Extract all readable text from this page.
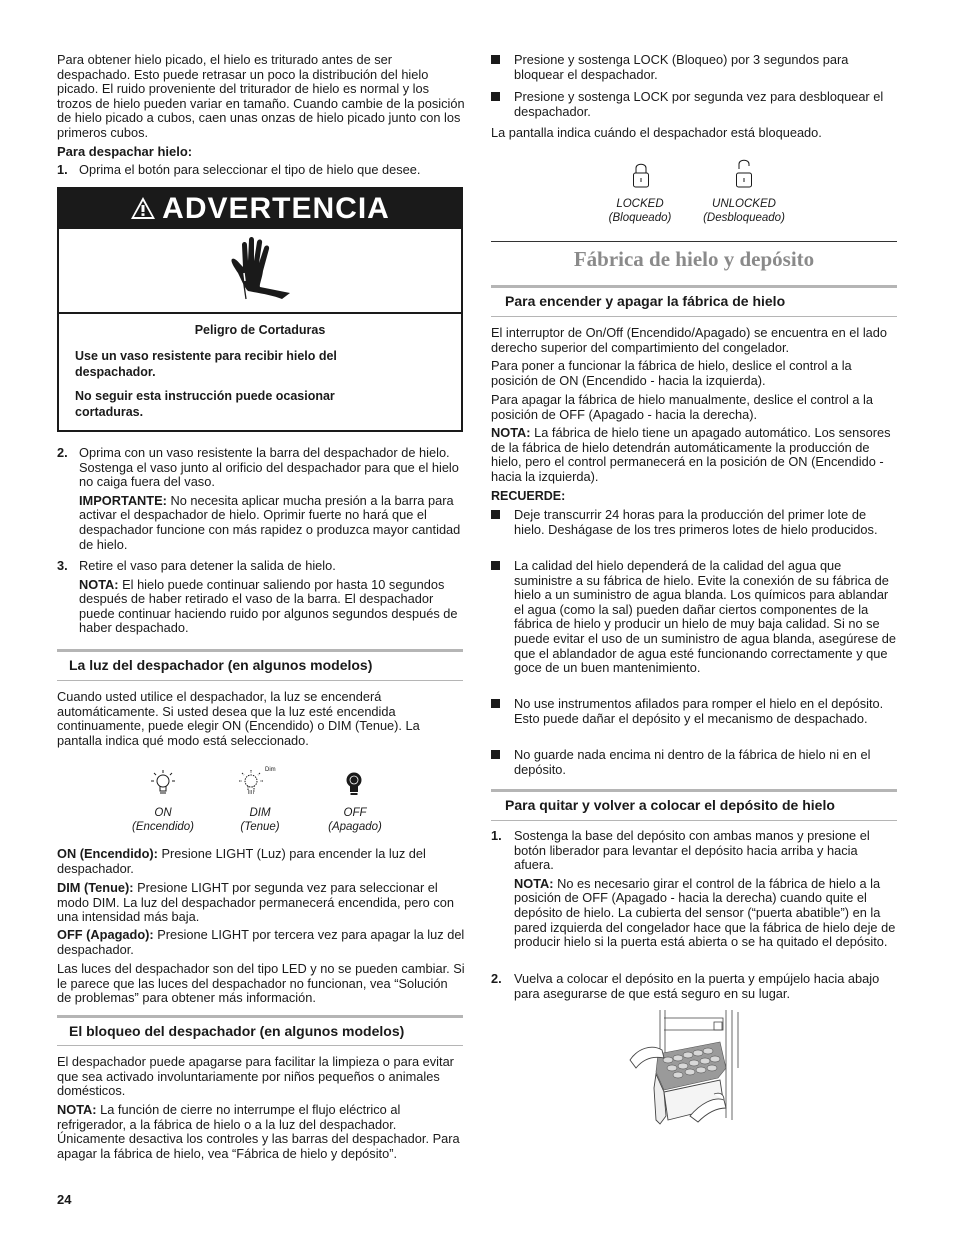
Para obtener hielo picado, el hielo es triturado antes de ser despachado. Esto puede retrasar un poco la distribución del hielo picado. El ruido proveniente del triturador de hielo es normal y los trozos de hielo pueden variar en tamaño. Cuando cambie de la posición de hielo picado a cubos, caen unas onzas de hielo picado junto con los primeros cubos.

Para despachar hielo:

1. Oprima el botón para seleccionar el tipo de hielo que desee.

ADVERTENCIA

Peligro de Cortaduras

Use un vaso resistente para recibir hielo del despachador.

No seguir esta instrucción puede ocasionar cortaduras.

2. Oprima con un vaso resistente la barra del despachador de hielo. Sostenga el vaso junto al orificio del despachador para que el hielo no caiga fuera del vaso.

IMPORTANTE: No necesita aplicar mucha presión a la barra para activar el despachador de hielo. Oprimir fuerte no hará que el despachador funcione con más rapidez o produzca mayor cantidad de hielo.

3. Retire el vaso para detener la salida de hielo.

NOTA: El hielo puede continuar saliendo por hasta 10 segundos después de haber retirado el vaso de la barra. El despachador puede continuar haciendo ruido por algunos segundos después de haber despachado.

La luz del despachador (en algunos modelos)

Cuando usted utilice el despachador, la luz se encenderá automáticamente. Si usted desea que la luz esté encendida continuamente, puede elegir ON (Encendido) o DIM (Tenue). La pantalla indica qué modo está seleccionado.

Dim
ON
(Encendido)
DIM
(Tenue)
OFF
(Apagado)

ON (Encendido): Presione LIGHT (Luz) para encender la luz del despachador.

DIM (Tenue): Presione LIGHT por segunda vez para seleccionar el modo DIM. La luz del despachador permanecerá encendida, pero con una intensidad más baja.

OFF (Apagado): Presione LIGHT por tercera vez para apagar la luz del despachador.

Las luces del despachador son del tipo LED y no se pueden cambiar. Si le parece que las luces del despachador no funcionan, vea “Solución de problemas” para obtener más información.

El bloqueo del despachador (en algunos modelos)

El despachador puede apagarse para facilitar la limpieza o para evitar que sea activado involuntariamente por niños pequeños o animales domésticos.

NOTA: La función de cierre no interrumpe el flujo eléctrico al refrigerador, a la fábrica de hielo o a la luz del despachador. Únicamente desactiva los controles y las barras del despachador. Para apagar la fábrica de hielo, vea “Fábrica de hielo y depósito”.

24

Presione y sostenga LOCK (Bloqueo) por 3 segundos para bloquear el despachador.

Presione y sostenga LOCK por segunda vez para desbloquear el despachador.

La pantalla indica cuándo el despachador está bloqueado.

LOCKED
(Bloqueado)
UNLOCKED
(Desbloqueado)

Fábrica de hielo y depósito

Para encender y apagar la fábrica de hielo

El interruptor de On/Off (Encendido/Apagado) se encuentra en el lado derecho superior del compartimiento del congelador.

Para poner a funcionar la fábrica de hielo, deslice el control a la posición de ON (Encendido - hacia la izquierda).

Para apagar la fábrica de hielo manualmente, deslice el control a la posición de OFF (Apagado - hacia la derecha).

NOTA: La fábrica de hielo tiene un apagado automático. Los sensores de la fábrica de hielo detendrán automáticamente la producción de hielo, pero el control permanecerá en la posición de ON (Encendido - hacia la izquierda).

RECUERDE:

Deje transcurrir 24 horas para la producción del primer lote de hielo. Deshágase de los tres primeros lotes de hielo producidos.

La calidad del hielo dependerá de la calidad del agua que suministre a su fábrica de hielo. Evite la conexión de su fábrica de hielo a un suministro de agua blanda. Los químicos para ablandar el agua (como la sal) pueden dañar ciertos componentes de la fábrica de hielo y producir un hielo de muy baja calidad. Si no se puede evitar el uso de un suministro de agua blanda, asegúrese de que el ablandador de agua esté funcionando correctamente y que goce de un buen mantenimiento.

No use instrumentos afilados para romper el hielo en el depósito. Esto puede dañar el depósito y el mecanismo de despachado.

No guarde nada encima ni dentro de la fábrica de hielo ni en el depósito.

Para quitar y volver a colocar el depósito de hielo

1. Sostenga la base del depósito con ambas manos y presione el botón liberador para levantar el depósito hacia arriba y hacia afuera.

NOTA: No es necesario girar el control de la fábrica de hielo a la posición de OFF (Apagado - hacia la derecha) cuando quite el depósito de hielo. La cubierta del sensor (“puerta abatible”) en la pared izquierda del congelador hace que la fábrica de hielo deje de producir hielo si la puerta está abierta o se ha quitado el depósito.

2. Vuelva a colocar el depósito en la puerta y empújelo hacia abajo para asegurarse de que está seguro en su lugar.
